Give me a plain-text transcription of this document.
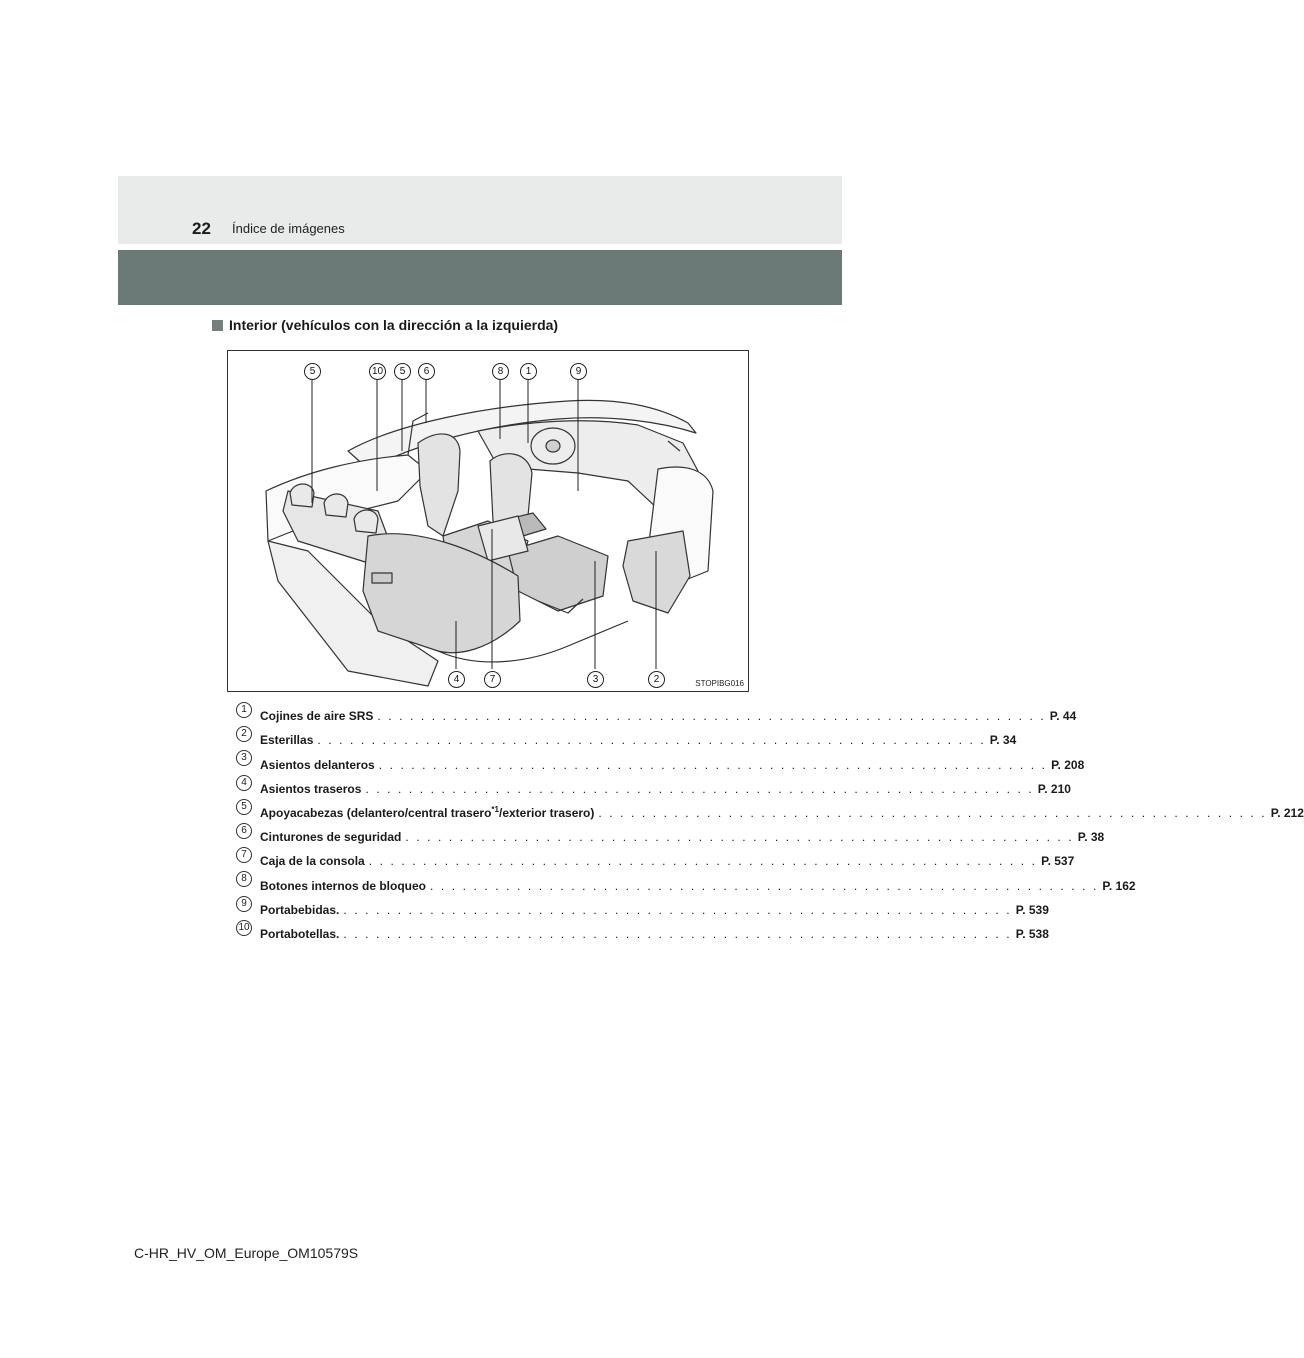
22 Índice de imágenes
Interior (vehículos con la dirección a la izquierda)
5	10	5	6	8	1	9
4	7	3	2	STOPIBG016
1	Cojines de aire SRS . . . . . . . . . . . . . . . . . . . . . . . . . . . . . . . . . . . . . . . . . . . . . . . . . . . . . . . . . . . . . . P. 44
2	Esterillas . . . . . . . . . . . . . . . . . . . . . . . . . . . . . . . . . . . . . . . . . . . . . . . . . . . . . . . . . . . . . . P. 34
3	Asientos delanteros . . . . . . . . . . . . . . . . . . . . . . . . . . . . . . . . . . . . . . . . . . . . . . . . . . . . . . . . . . . . . . P. 208
4	Asientos traseros . . . . . . . . . . . . . . . . . . . . . . . . . . . . . . . . . . . . . . . . . . . . . . . . . . . . . . . . . . . . . . P. 210
5	Apoyacabezas (delantero/central trasero$^{*1}$/exterior trasero) . . . . . . . . . . . . . . . . . . . . . . . . . . . . . . . . . . . . . . . . . . . . . . . . . . . . . . . . . . . . . . P. 212
6	Cinturones de seguridad . . . . . . . . . . . . . . . . . . . . . . . . . . . . . . . . . . . . . . . . . . . . . . . . . . . . . . . . . . . . . . P. 38
7	Caja de la consola . . . . . . . . . . . . . . . . . . . . . . . . . . . . . . . . . . . . . . . . . . . . . . . . . . . . . . . . . . . . . . P. 537
8	Botones internos de bloqueo . . . . . . . . . . . . . . . . . . . . . . . . . . . . . . . . . . . . . . . . . . . . . . . . . . . . . . . . . . . . . . P. 162
9	Portabebidas. . . . . . . . . . . . . . . . . . . . . . . . . . . . . . . . . . . . . . . . . . . . . . . . . . . . . . . . . . . . . . . P. 539
10 Portabotellas. . . . . . . . . . . . . . . . . . . . . . . . . . . . . . . . . . . . . . . . . . . . . . . . . . . . . . . . . . . . . . . P. 538
C-HR_HV_OM_Europe_OM10579S
